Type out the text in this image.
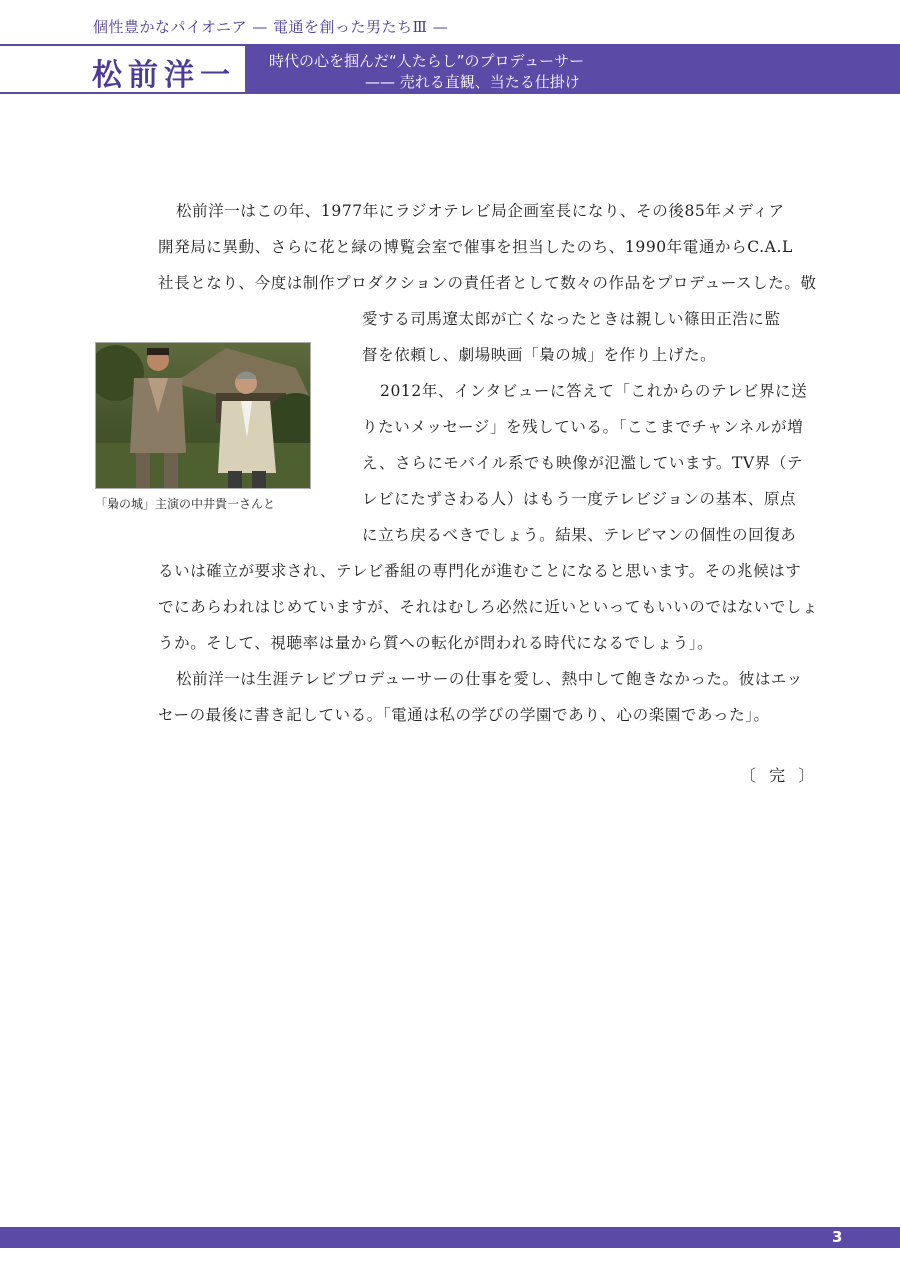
個性豊かなパイオニア — 電通を創った男たちⅢ —
松前洋一 時代の心を掴んだ“人たらし”のプロデューサー
—— 売れる直観、当たる仕掛け
松前洋一はこの年、1977年にラジオテレビ局企画室長になり、その後85年メディア
開発局に異動、さらに花と緑の博覧会室で催事を担当したのち、1990年電通からC.A.L
社長となり、今度は制作プロダクションの責任者として数々の作品をプロデュースした。敬
愛する司馬遼太郎が亡くなったときは親しい篠田正浩に監
督を依頼し、劇場映画「梟の城」を作り上げた。
「梟の城」主演の中井貴一さんと
2012年、インタビューに答えて「これからのテレビ界に送
りたいメッセージ」を残している。「ここまでチャンネルが増
え、さらにモバイル系でも映像が氾濫しています。TV界（テ
レビにたずさわる人）はもう一度テレビジョンの基本、原点
に立ち戻るべきでしょう。結果、テレビマンの個性の回復あ
るいは確立が要求され、テレビ番組の専門化が進むことになると思います。その兆候はす
でにあらわれはじめていますが、それはむしろ必然に近いといってもいいのではないでしょ
うか。そして、視聴率は量から質への転化が問われる時代になるでしょう」。
松前洋一は生涯テレビプロデューサーの仕事を愛し、熱中して飽きなかった。彼はエッ
セーの最後に書き記している。「電通は私の学びの学園であり、心の楽園であった」。
〔 完 〕
3
